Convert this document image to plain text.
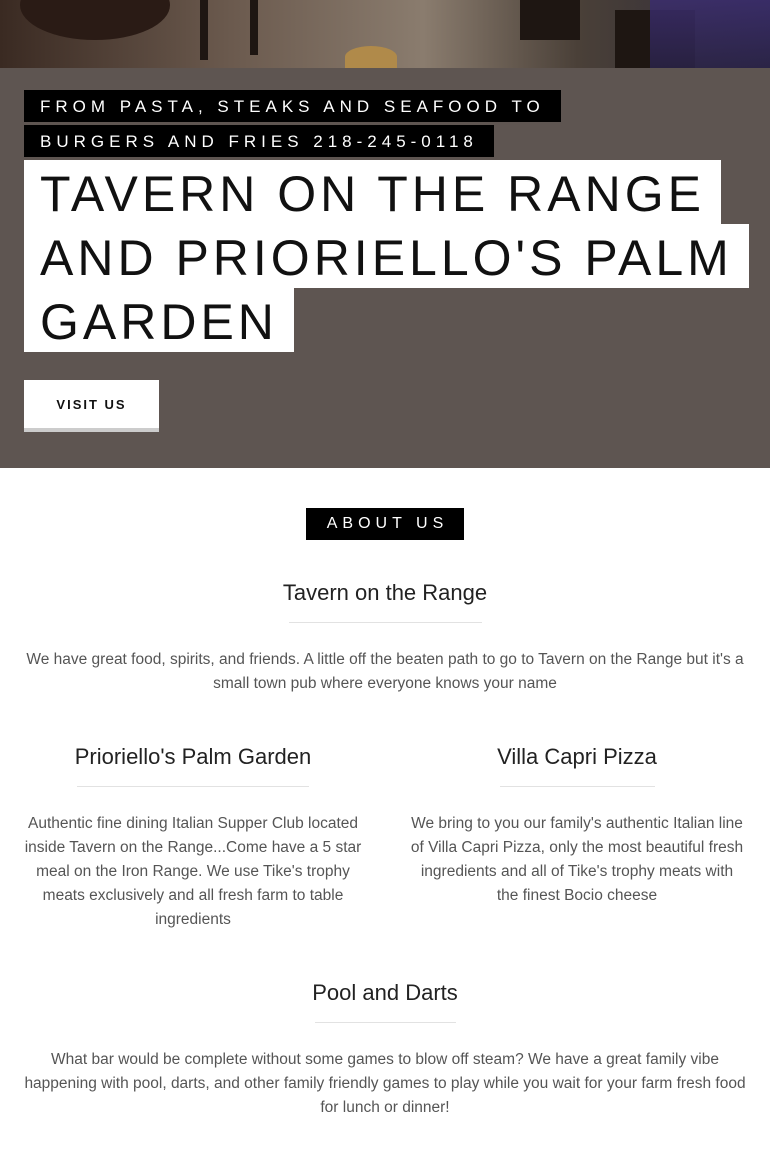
FROM PASTA, STEAKS AND SEAFOOD TO
BURGERS AND FRIES 218-245-0118
TAVERN ON THE RANGE
AND PRIORIELLO'S PALM
GARDEN
VISIT US
ABOUT US
Tavern on the Range
We have great food, spirits, and friends. A little off the beaten path to go to Tavern on the Range but it's a small town pub where everyone knows your name
Prioriello's Palm Garden
Authentic fine dining Italian Supper Club located inside Tavern on the Range...Come have a 5 star meal on the Iron Range. We use Tike's trophy meats exclusively and all fresh farm to table ingredients
Villa Capri Pizza
We bring to you our family's authentic Italian line of Villa Capri Pizza, only the most beautiful fresh ingredients and all of Tike's trophy meats with the finest Bocio cheese
Pool and Darts
What bar would be complete without some games to blow off steam? We have a great family vibe happening with pool, darts, and other family friendly games to play while you wait for your farm fresh food for lunch or dinner!
